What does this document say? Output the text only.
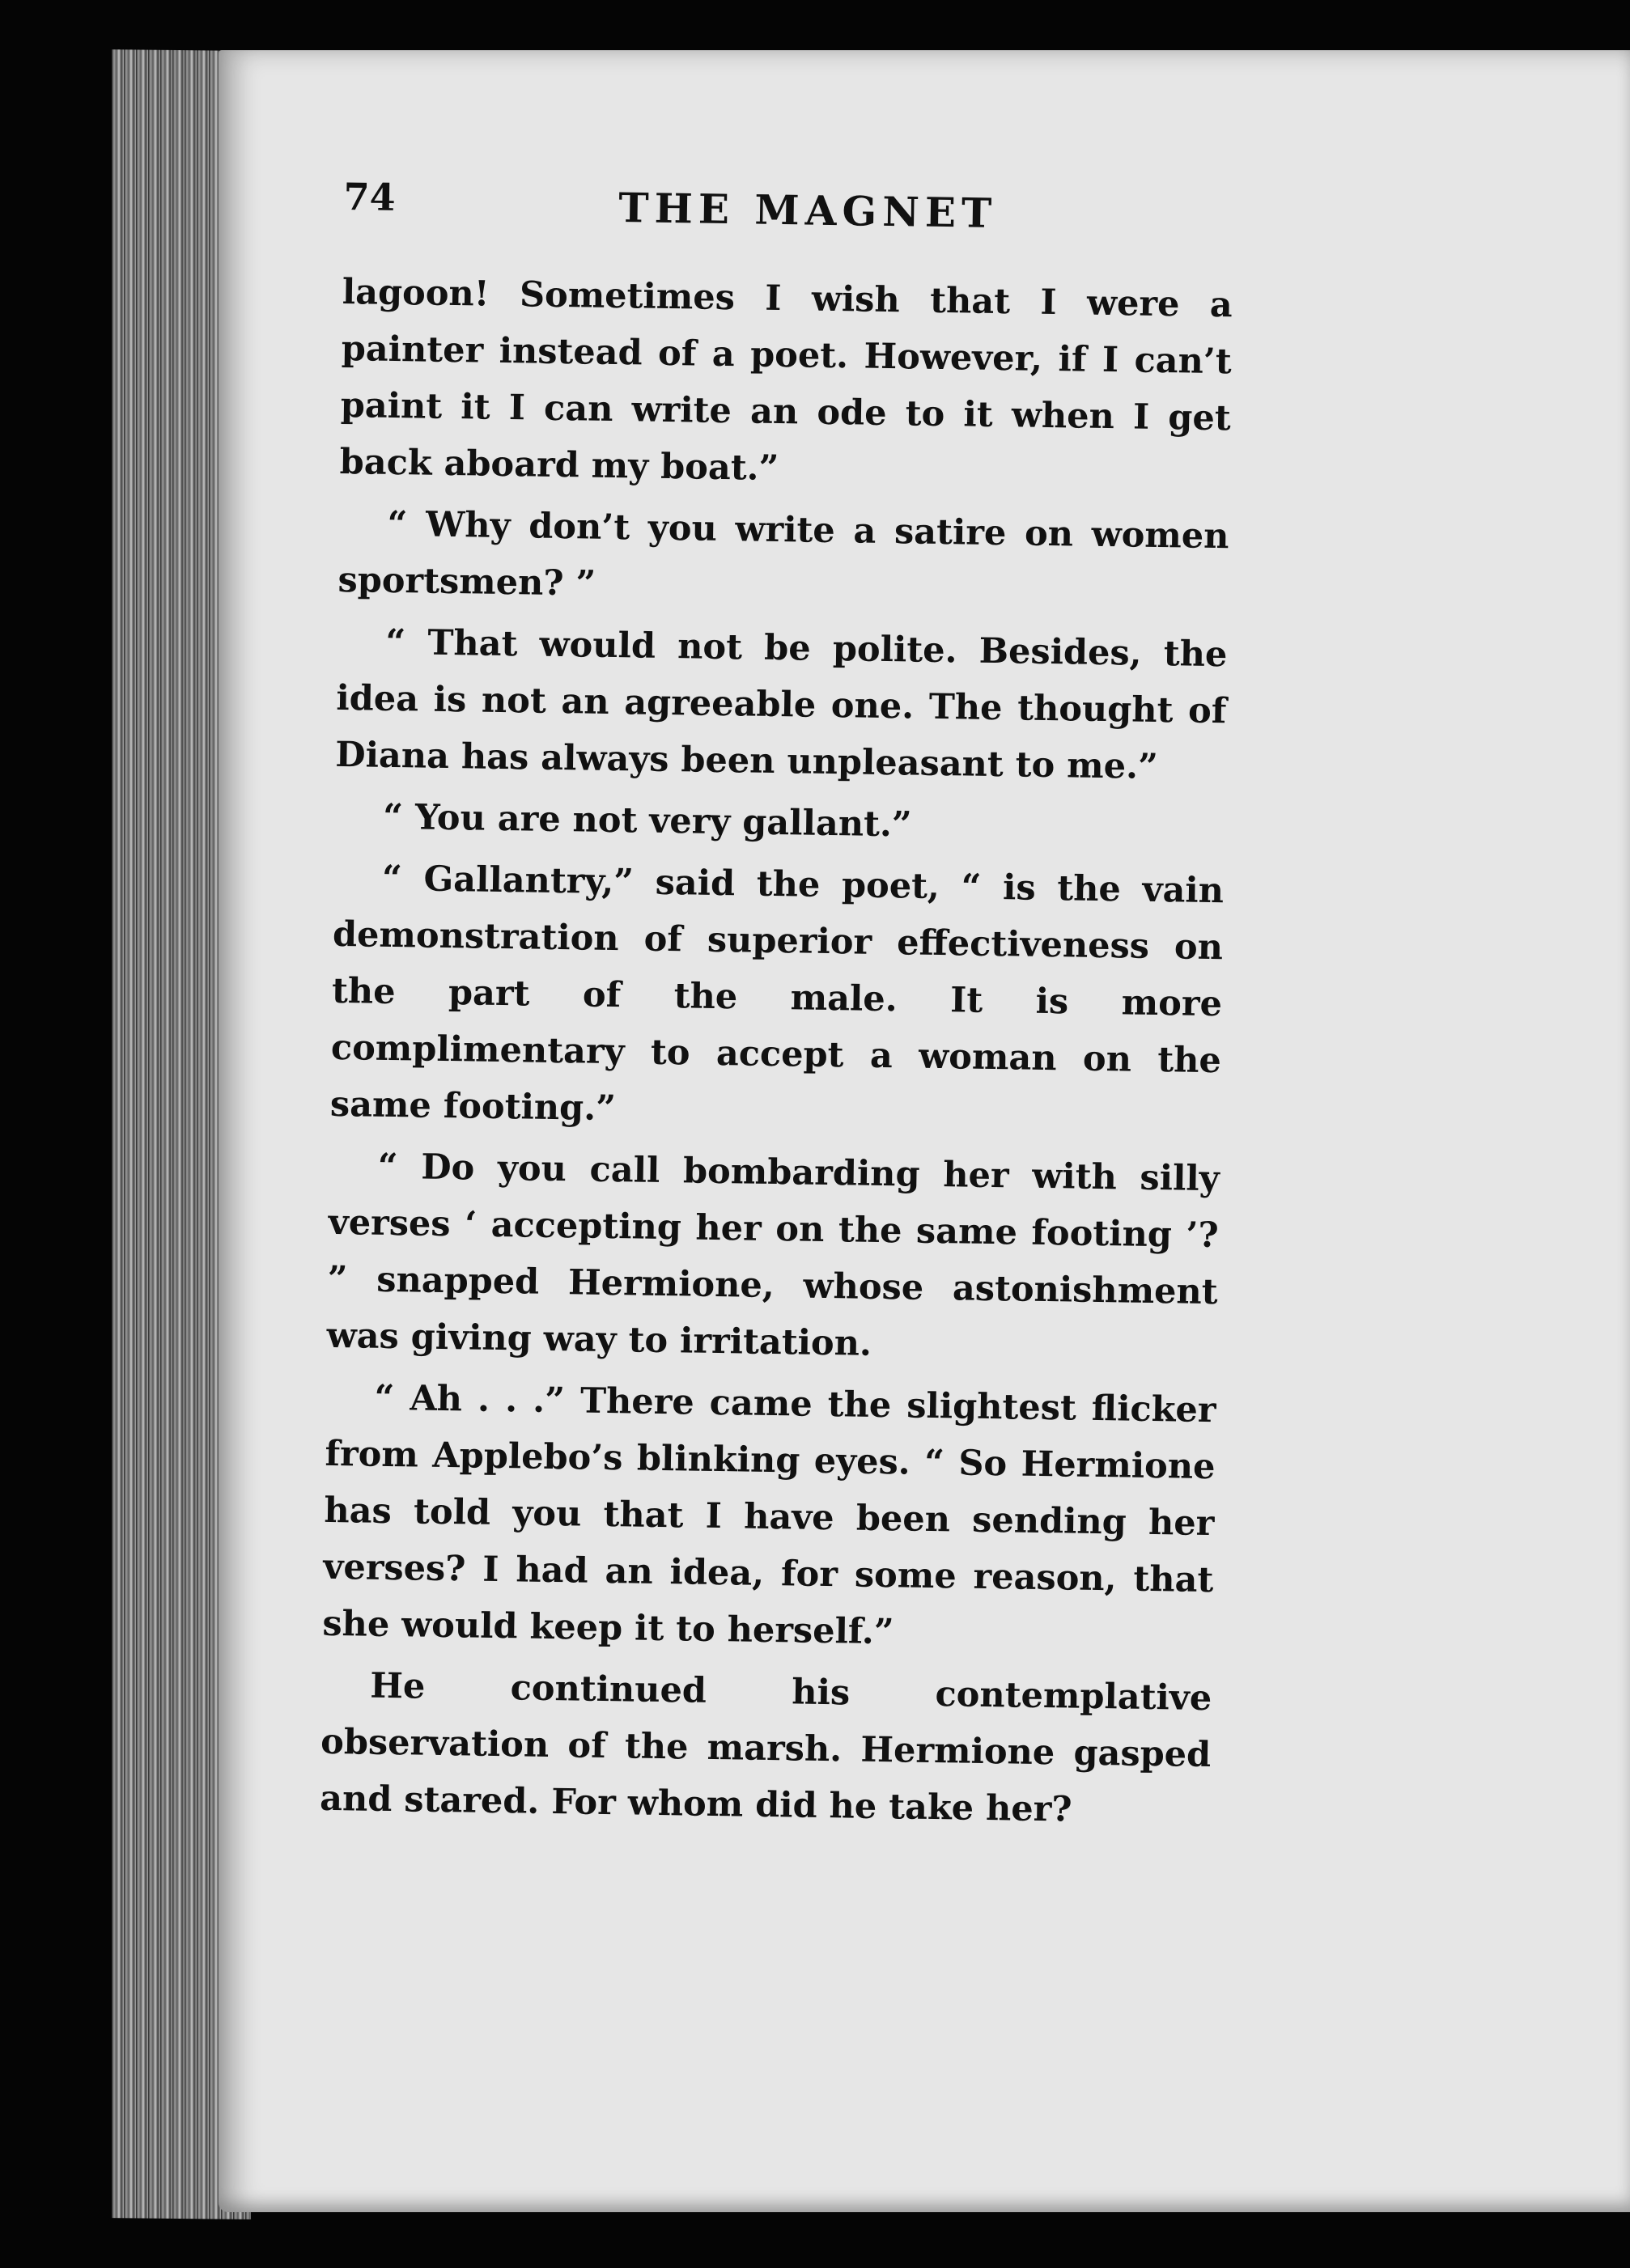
74	THE MAGNET

lagoon! Sometimes I wish that I were a painter instead of a poet. However, if I can’t paint it I can write an ode to it when I get back aboard my boat.”

“ Why don’t you write a satire on women sportsmen? ”

“ That would not be polite. Besides, the idea is not an agreeable one. The thought of Diana has always been unpleasant to me.”

“ You are not very gallant.”

“ Gallantry,” said the poet, “ is the vain demonstration of superior effectiveness on the part of the male. It is more complimentary to accept a woman on the same footing.”

“ Do you call bombarding her with silly verses ‘ accepting her on the same footing ’? ” snapped Hermione, whose astonishment was giving way to irritation.

“ Ah . . .” There came the slightest flicker from Applebo’s blinking eyes. “ So Hermione has told you that I have been sending her verses? I had an idea, for some reason, that she would keep it to herself.”

He continued his contemplative observation of the marsh. Hermione gasped and stared. For whom did he take her?
